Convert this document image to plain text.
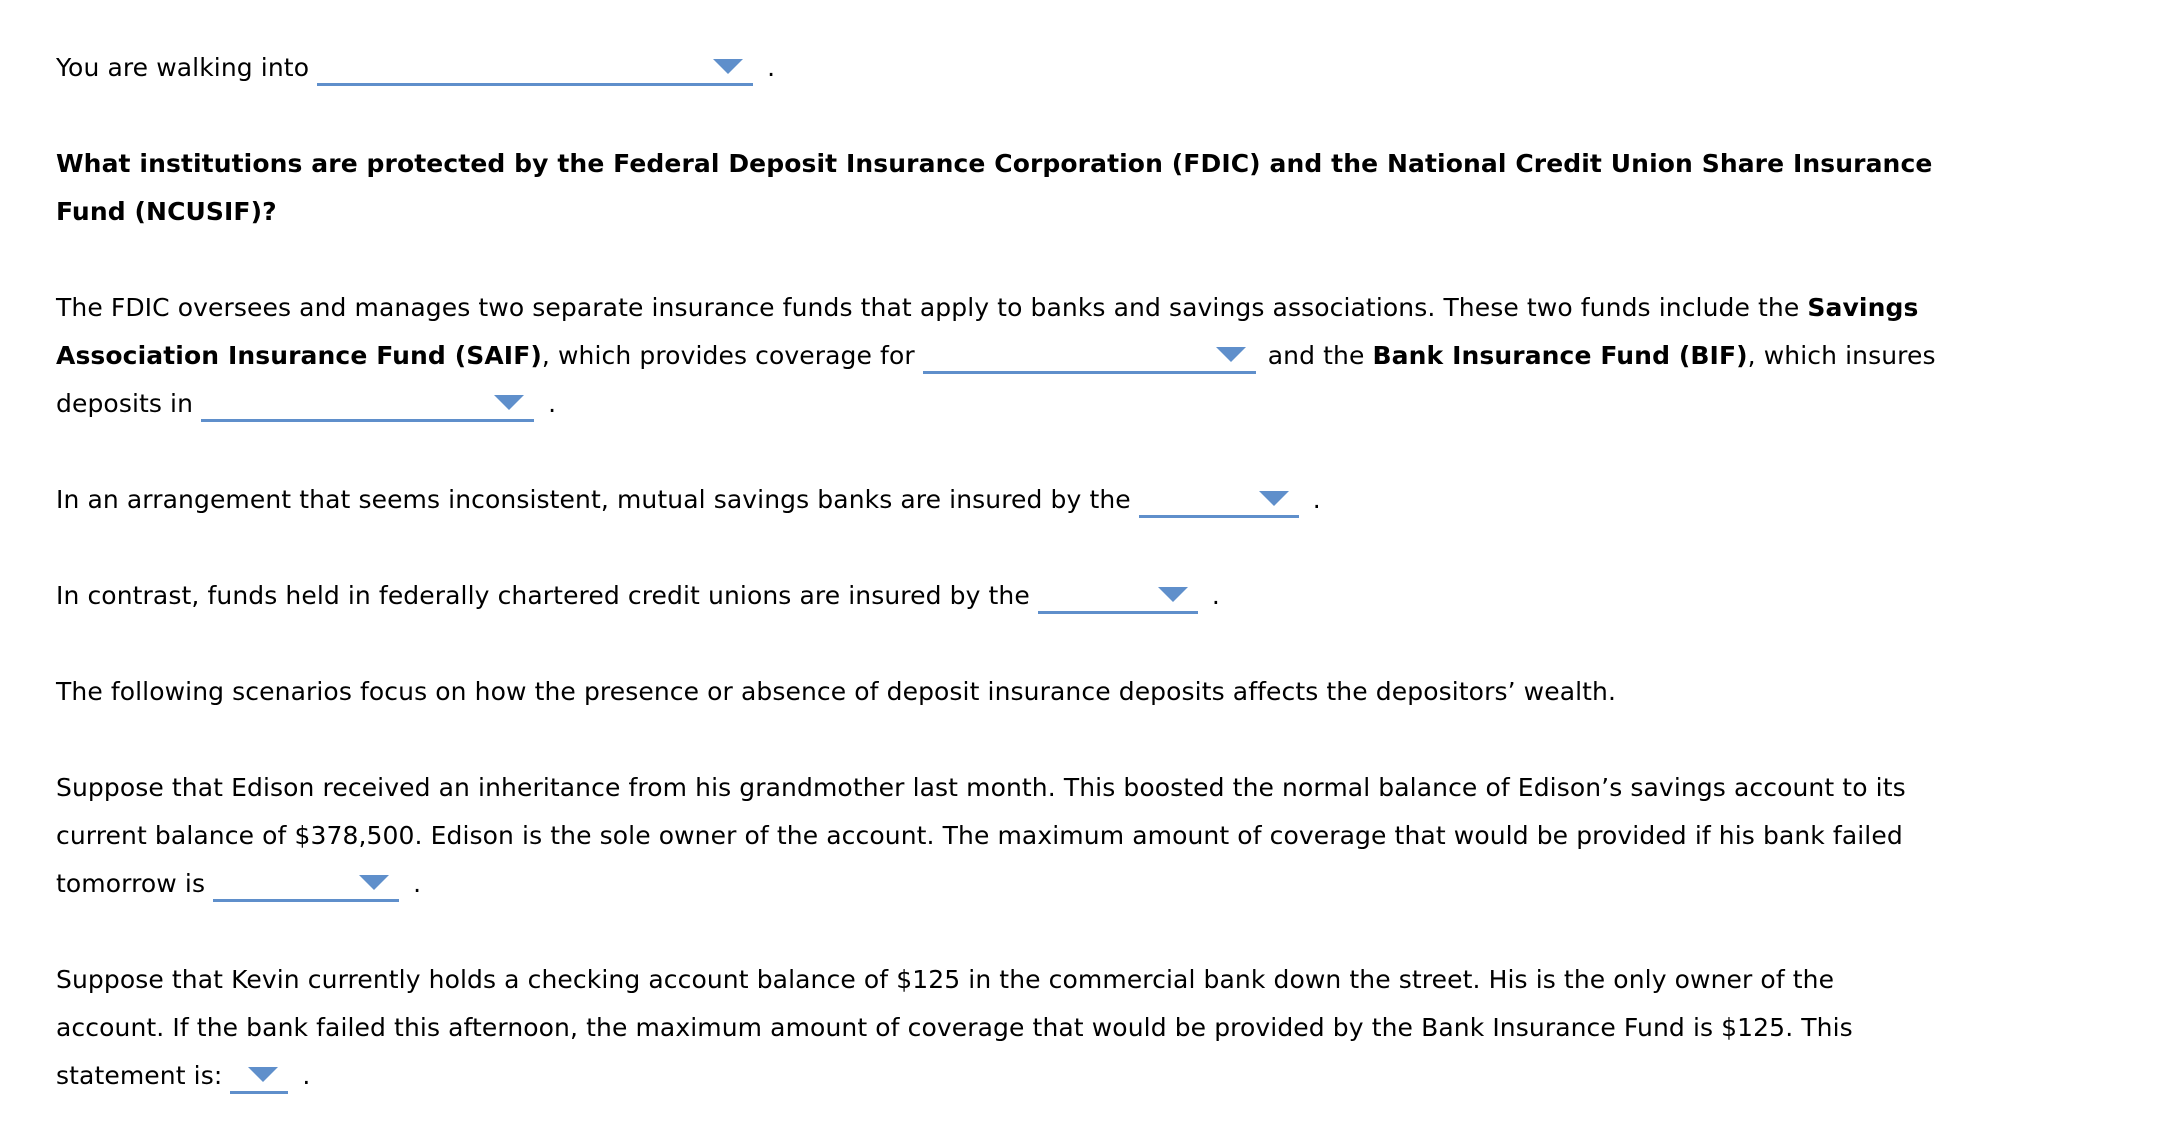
You are walking into	.

What institutions are protected by the Federal Deposit Insurance Corporation (FDIC) and the National Credit Union Share Insurance Fund (NCUSIF)?

The FDIC oversees and manages two separate insurance funds that apply to banks and savings associations. These two funds include the Savings Association Insurance Fund (SAIF), which provides coverage for	and the Bank Insurance Fund (BIF), which insures deposits in	.

In an arrangement that seems inconsistent, mutual savings banks are insured by the	.

In contrast, funds held in federally chartered credit unions are insured by the	.

The following scenarios focus on how the presence or absence of deposit insurance deposits affects the depositors’ wealth.

Suppose that Edison received an inheritance from his grandmother last month. This boosted the normal balance of Edison’s savings account to its current balance of $378,500. Edison is the sole owner of the account. The maximum amount of coverage that would be provided if his bank failed tomorrow is	.

Suppose that Kevin currently holds a checking account balance of $125 in the commercial bank down the street. His is the only owner of the account. If the bank failed this afternoon, the maximum amount of coverage that would be provided by the Bank Insurance Fund is $125. This statement is:	.
